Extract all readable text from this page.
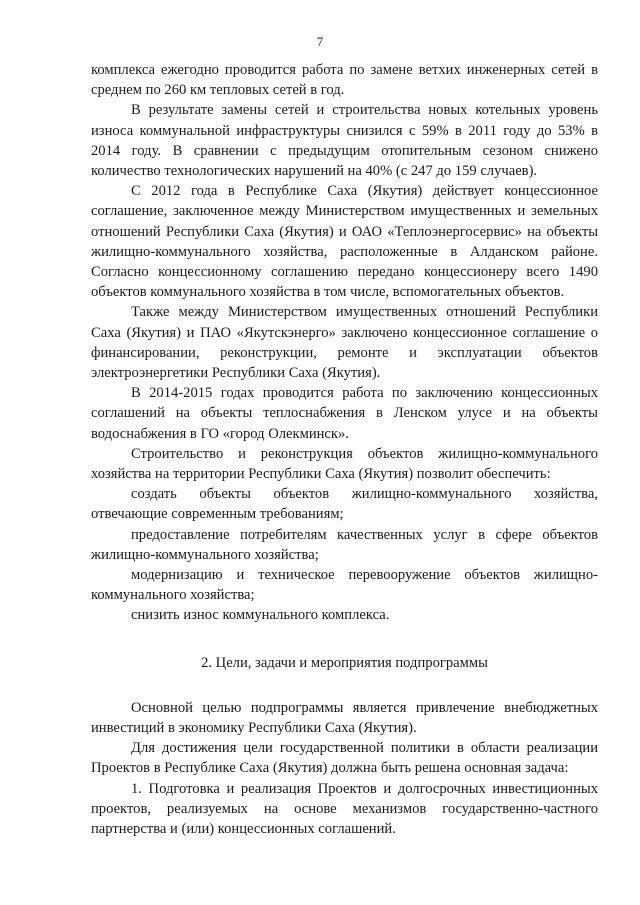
7

комплекса ежегодно проводится работа по замене ветхих инженерных сетей в среднем по 260 км тепловых сетей в год.

В результате замены сетей и строительства новых котельных уровень износа коммунальной инфраструктуры снизился с 59% в 2011 году до 53% в 2014 году. В сравнении с предыдущим отопительным сезоном снижено количество технологических нарушений на 40% (с 247 до 159 случаев).

С 2012 года в Республике Саха (Якутия) действует концессионное соглашение, заключенное между Министерством имущественных и земельных отношений Республики Саха (Якутия) и ОАО «Теплоэнергосервис» на объекты жилищно-коммунального хозяйства, расположенные в Алданском районе. Согласно концессионному соглашению передано концессионеру всего 1490 объектов коммунального хозяйства в том числе, вспомогательных объектов.

Также между Министерством имущественных отношений Республики Саха (Якутия) и ПАО «Якутскэнерго» заключено концессионное соглашение о финансировании, реконструкции, ремонте и эксплуатации объектов электроэнергетики Республики Саха (Якутия).

В 2014-2015 годах проводится работа по заключению концессионных соглашений на объекты теплоснабжения в Ленском улусе и на объекты водоснабжения в ГО «город Олекминск».

Строительство и реконструкция объектов жилищно-коммунального хозяйства на территории Республики Саха (Якутия) позволит обеспечить:

создать объекты объектов жилищно-коммунального хозяйства, отвечающие современным требованиям;

предоставление потребителям качественных услуг в сфере объектов жилищно-коммунального хозяйства;

модернизацию и техническое перевооружение объектов жилищно-коммунального хозяйства;

снизить износ коммунального комплекса.

2. Цели, задачи и мероприятия подпрограммы

Основной целью подпрограммы является привлечение внебюджетных инвестиций в экономику Республики Саха (Якутия).

Для достижения цели государственной политики в области реализации Проектов в Республике Саха (Якутия) должна быть решена основная задача:

1. Подготовка и реализация Проектов и долгосрочных инвестиционных проектов, реализуемых на основе механизмов государственно-частного партнерства и (или) концессионных соглашений.
